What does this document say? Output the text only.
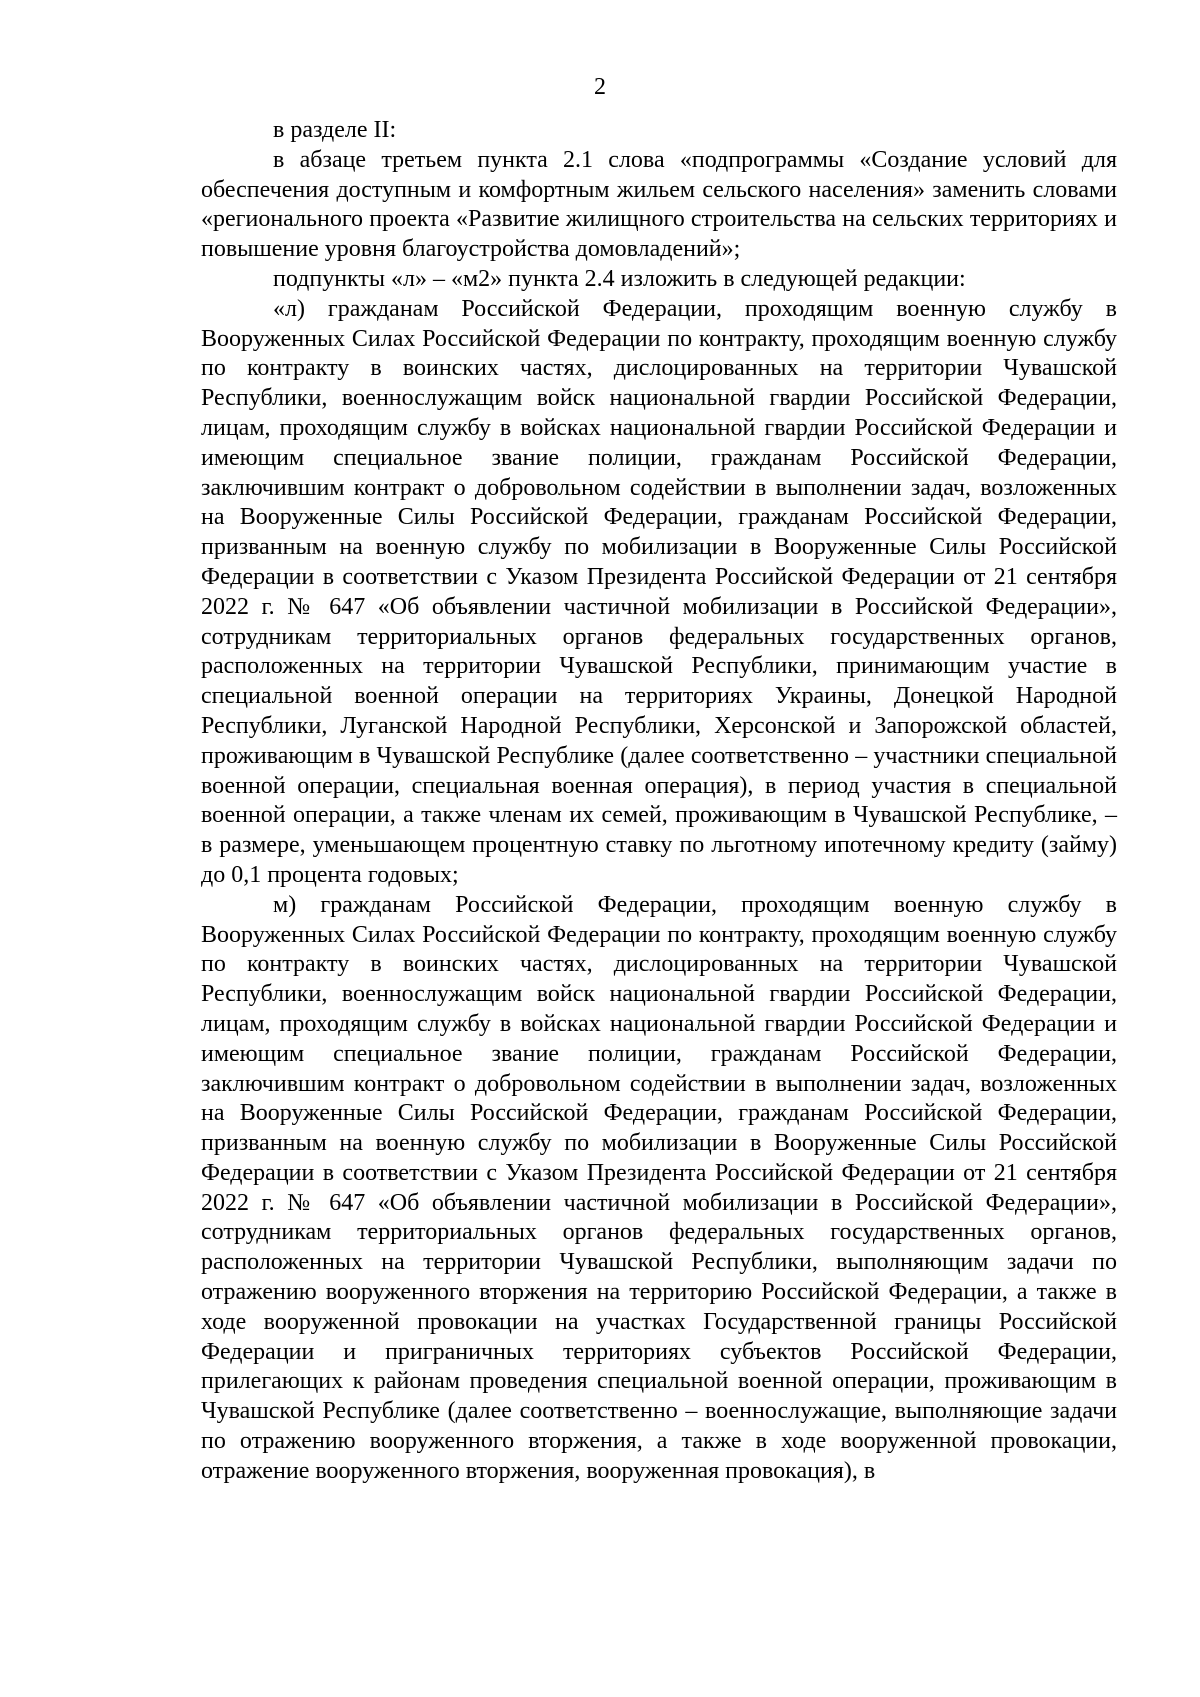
2

в разделе II:

в абзаце третьем пункта 2.1 слова «подпрограммы «Создание условий для обеспечения доступным и комфортным жильем сельского населения» заменить словами «регионального проекта «Развитие жилищного строительства на сельских территориях и повышение уровня благоустройства домовладений»;

подпункты «л» – «м2» пункта 2.4 изложить в следующей редакции:

«л) гражданам Российской Федерации, проходящим военную службу в Вооруженных Силах Российской Федерации по контракту, проходящим военную службу по контракту в воинских частях, дислоцированных на территории Чувашской Республики, военнослужащим войск национальной гвардии Российской Федерации, лицам, проходящим службу в войсках национальной гвардии Российской Федерации и имеющим специальное звание полиции, гражданам Российской Федерации, заключившим контракт о добровольном содействии в выполнении задач, возложенных на Вооруженные Силы Российской Федерации, гражданам Российской Федерации, призванным на военную службу по мобилизации в Вооруженные Силы Российской Федерации в соответствии с Указом Президента Российской Федерации от 21 сентября 2022 г. № 647 «Об объявлении частичной мобилизации в Российской Федерации», сотрудникам территориальных органов федеральных государственных органов, расположенных на территории Чувашской Республики, принимающим участие в специальной военной операции на территориях Украины, Донецкой Народной Республики, Луганской Народной Республики, Херсонской и Запорожской областей, проживающим в Чувашской Республике (далее соответственно – участники специальной военной операции, специальная военная операция), в период участия в специальной военной операции, а также членам их семей, проживающим в Чувашской Республике, – в размере, уменьшающем процентную ставку по льготному ипотечному кредиту (займу) до 0,1 процента годовых;

м) гражданам Российской Федерации, проходящим военную службу в Вооруженных Силах Российской Федерации по контракту, проходящим военную службу по контракту в воинских частях, дислоцированных на территории Чувашской Республики, военнослужащим войск национальной гвардии Российской Федерации, лицам, проходящим службу в войсках национальной гвардии Российской Федерации и имеющим специальное звание полиции, гражданам Российской Федерации, заключившим контракт о добровольном содействии в выполнении задач, возложенных на Вооруженные Силы Российской Федерации, гражданам Российской Федерации, призванным на военную службу по мобилизации в Вооруженные Силы Российской Федерации в соответствии с Указом Президента Российской Федерации от 21 сентября 2022 г. № 647 «Об объявлении частичной мобилизации в Российской Федерации», сотрудникам территориальных органов федеральных государственных органов, расположенных на территории Чувашской Республики, выполняющим задачи по отражению вооруженного вторжения на территорию Российской Федерации, а также в ходе вооруженной провокации на участках Государственной границы Российской Федерации и приграничных территориях субъектов Российской Федерации, прилегающих к районам проведения специальной военной операции, проживающим в Чувашской Республике (далее соответственно – военнослужащие, выполняющие задачи по отражению вооруженного вторжения, а также в ходе вооруженной провокации, отражение вооруженного вторжения, вооруженная провокация), в
